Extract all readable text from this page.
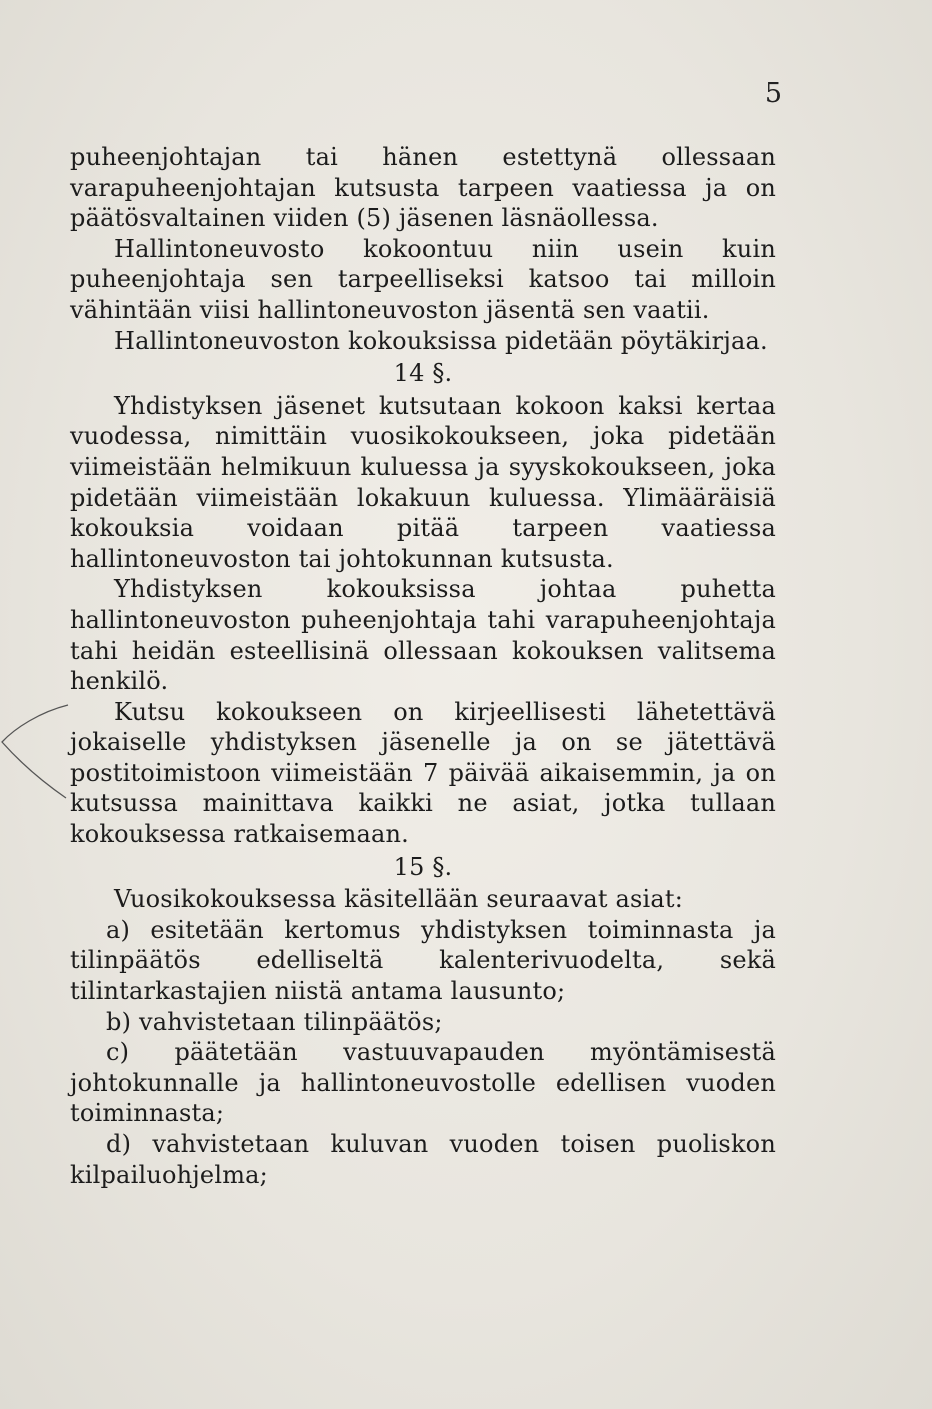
5

puheenjohtajan tai hänen estettynä ollessaan varapuheenjohtajan kutsusta tarpeen vaatiessa ja on päätösvaltainen viiden (5) jäsenen läsnäollessa.

Hallintoneuvosto kokoontuu niin usein kuin puheenjohtaja sen tarpeelliseksi katsoo tai milloin vähintään viisi hallintoneuvoston jäsentä sen vaatii.

Hallintoneuvoston kokouksissa pidetään pöytäkirjaa.

14 §.

Yhdistyksen jäsenet kutsutaan kokoon kaksi kertaa vuodessa, nimittäin vuosikokoukseen, joka pidetään viimeistään helmikuun kuluessa ja syyskokoukseen, joka pidetään viimeistään lokakuun kuluessa. Ylimääräisiä kokouksia voidaan pitää tarpeen vaatiessa hallintoneuvoston tai johtokunnan kutsusta.

Yhdistyksen kokouksissa johtaa puhetta hallintoneuvoston puheenjohtaja tahi varapuheenjohtaja tahi heidän esteellisinä ollessaan kokouksen valitsema henkilö.

Kutsu kokoukseen on kirjeellisesti lähetettävä jokaiselle yhdistyksen jäsenelle ja on se jätettävä postitoimistoon viimeistään 7 päivää aikaisemmin, ja on kutsussa mainittava kaikki ne asiat, jotka tullaan kokouksessa ratkaisemaan.

15 §.

Vuosikokouksessa käsitellään seuraavat asiat:

a) esitetään kertomus yhdistyksen toiminnasta ja tilinpäätös edelliseltä kalenterivuodelta, sekä tilintarkastajien niistä antama lausunto;

b) vahvistetaan tilinpäätös;

c) päätetään vastuuvapauden myöntämisestä johtokunnalle ja hallintoneuvostolle edellisen vuoden toiminnasta;

d) vahvistetaan kuluvan vuoden toisen puoliskon kilpailuohjelma;
